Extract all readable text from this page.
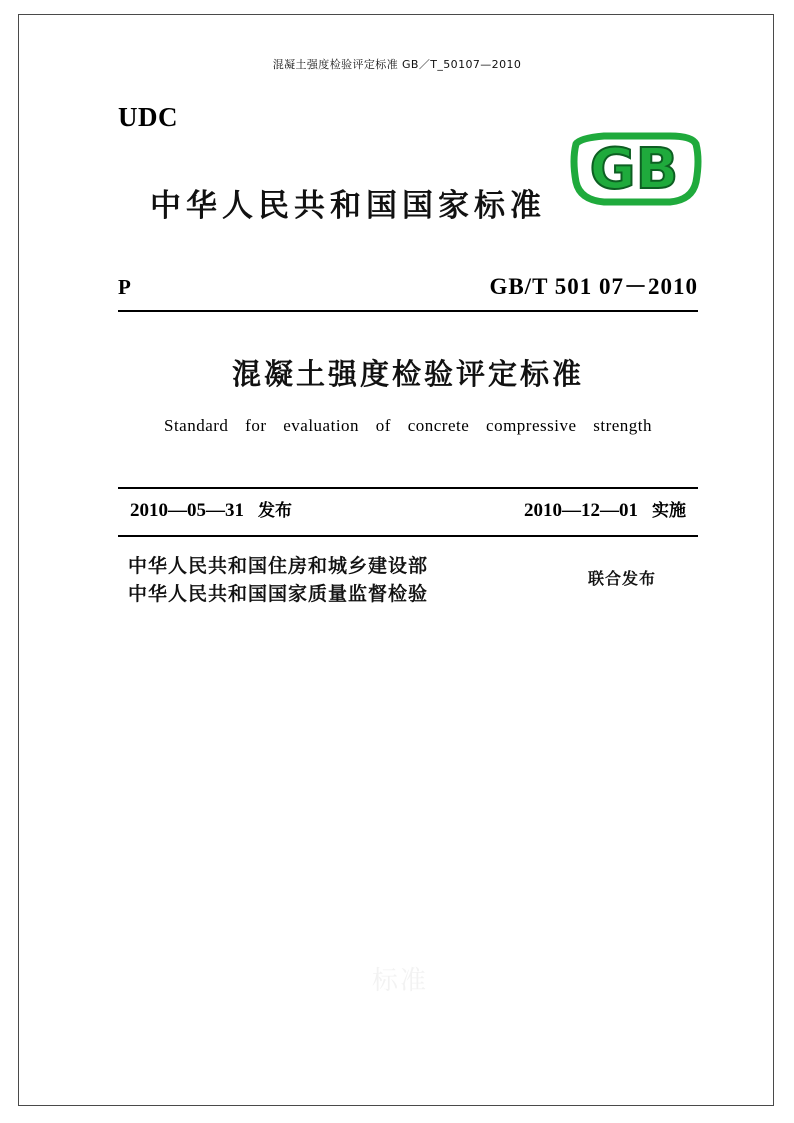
混凝土强度检验评定标准 GB／T_50107—2010
UDC
中华人民共和国国家标准
GB
P	GB/T 501 07－2010
混凝土强度检验评定标准
Standard for evaluation of concrete compressive strength
2010—05—31 发布	2010—12—01 实施
中华人民共和国住房和城乡建设部
中华人民共和国国家质量监督检验
联合发布
标准
